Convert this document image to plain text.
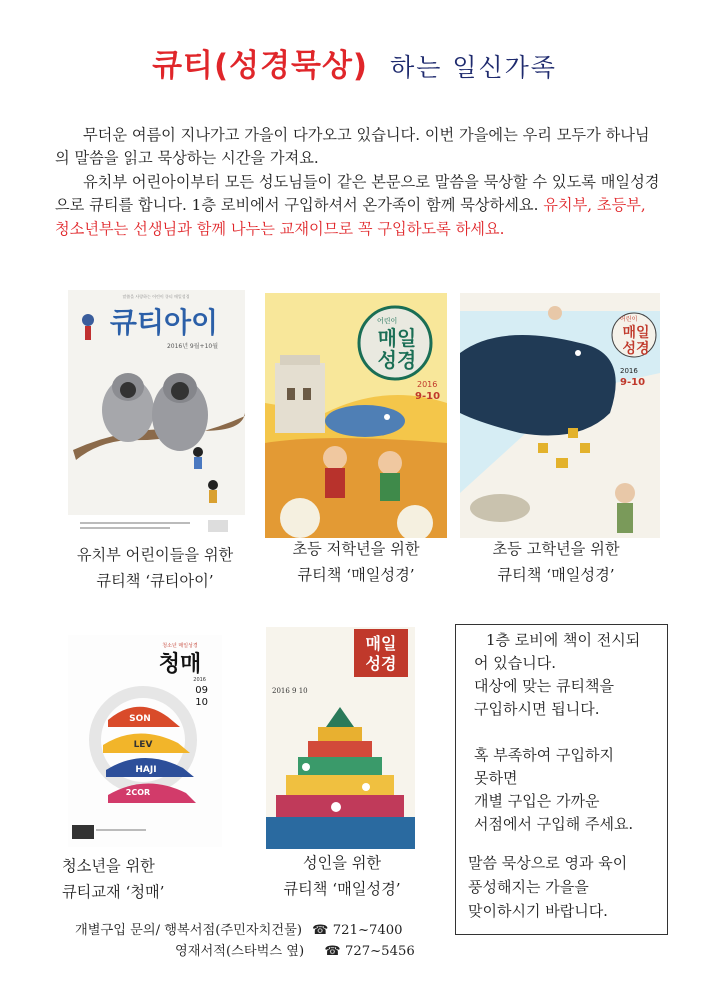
큐티(성경묵상) 하는 일신가족

무더운 여름이 지나가고 가을이 다가오고 있습니다. 이번 가을에는 우리 모두가 하나님의 말씀을 읽고 묵상하는 시간을 가져요.

유치부 어린아이부터 모든 성도님들이 같은 본문으로 말씀을 묵상할 수 있도록 매일성경으로 큐티를 합니다. 1층 로비에서 구입하셔서 온가족이 함께 묵상하세요. 유치부, 초등부, 청소년부는 선생님과 함께 나누는 교재이므로 꼭 구입하도록 하세요.

말씀을 사랑하는 어린이 큐티 매일성경
큐티아이
2016년 9월+10월
유치부 어린이들을 위한
큐티책 ‘큐티아이’
어린이
매일
성경
2016
9-10
초등 저학년을 위한
큐티책 ‘매일성경’
어린이
매일
성경
2016
9-10
초등 고학년을 위한
큐티책 ‘매일성경’
청소년 매일성경
청매
2016
09
10
SON
LEV
HAJI
2COR
청소년을 위한
큐티교재 ‘청매’
매일
성경
2016 9 10
성인을 위한
큐티책 ‘매일성경’
1층 로비에 책이 전시되
어 있습니다.
대상에 맞는 큐티책을
구입하시면 됩니다.
혹 부족하여 구입하지
못하면
개별 구입은 가까운
서점에서 구입해 주세요.
말씀 묵상으로 영과 육이
풍성해지는 가을을
맞이하시기 바랍니다.
개별구입 문의/ 행복서점(주민자치건물) ☎ 721~7400
영재서적(스타벅스 옆) ☎ 727~5456
